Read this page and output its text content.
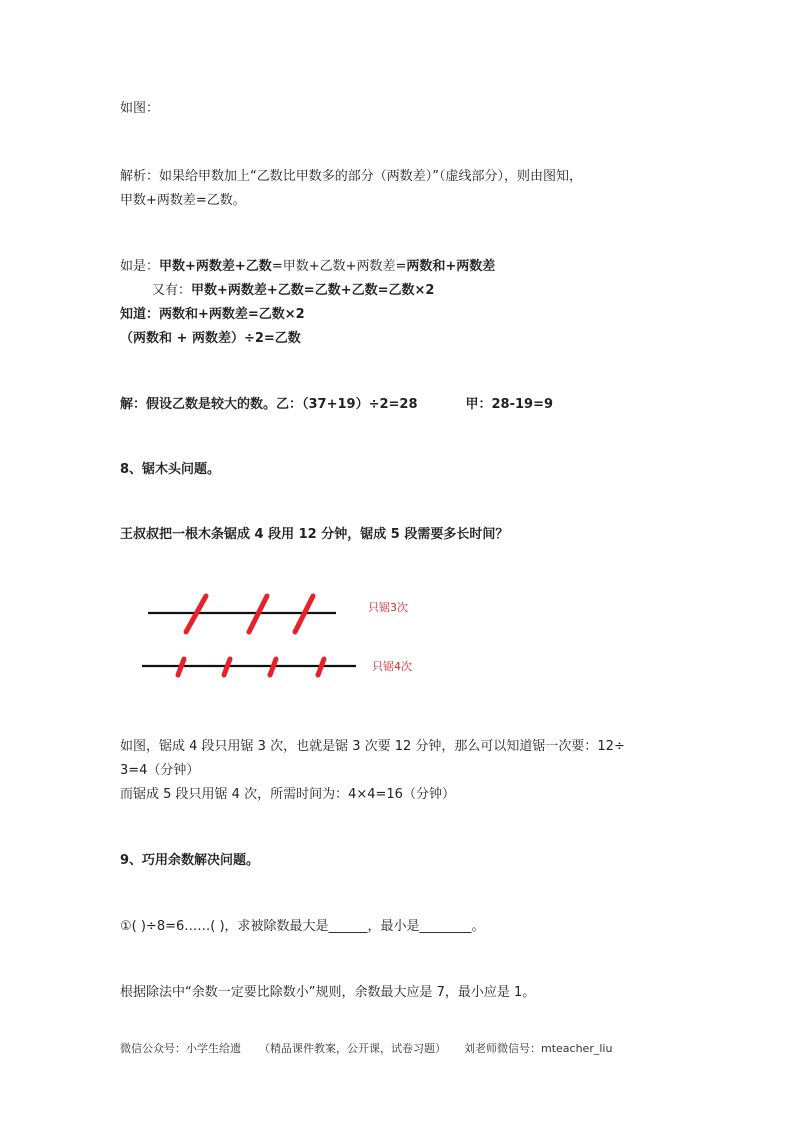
如图：
解析：如果给甲数加上“乙数比甲数多的部分（两数差）”（虚线部分），则由图知，
甲数+两数差=乙数。
如是：甲数+两数差+乙数=甲数+乙数+两数差=两数和+两数差
又有：甲数+两数差+乙数=乙数+乙数=乙数×2
知道：两数和+两数差=乙数×2
（两数和 + 两数差）÷2=乙数
解：假设乙数是较大的数。乙：（37+19）÷2=28	甲：28-19=9
8、锯木头问题。
王叔叔把一根木条锯成 4 段用 12 分钟，锯成 5 段需要多长时间？
只锯3次
只锯4次
如图，锯成 4 段只用锯 3 次，也就是锯 3 次要 12 分钟，那么可以知道锯一次要：12÷
3=4（分钟）
而锯成 5 段只用锯 4 次，所需时间为：4×4=16（分钟）
9、巧用余数解决问题。
①( )÷8=6……( )，求被除数最大是______，最小是________。
根据除法中“余数一定要比除数小”规则，余数最大应是 7，最小应是 1。
微信公众号：小学生给遗 （精品课件教案，公开课，试卷习题） 刘老师微信号：mteacher_liu
